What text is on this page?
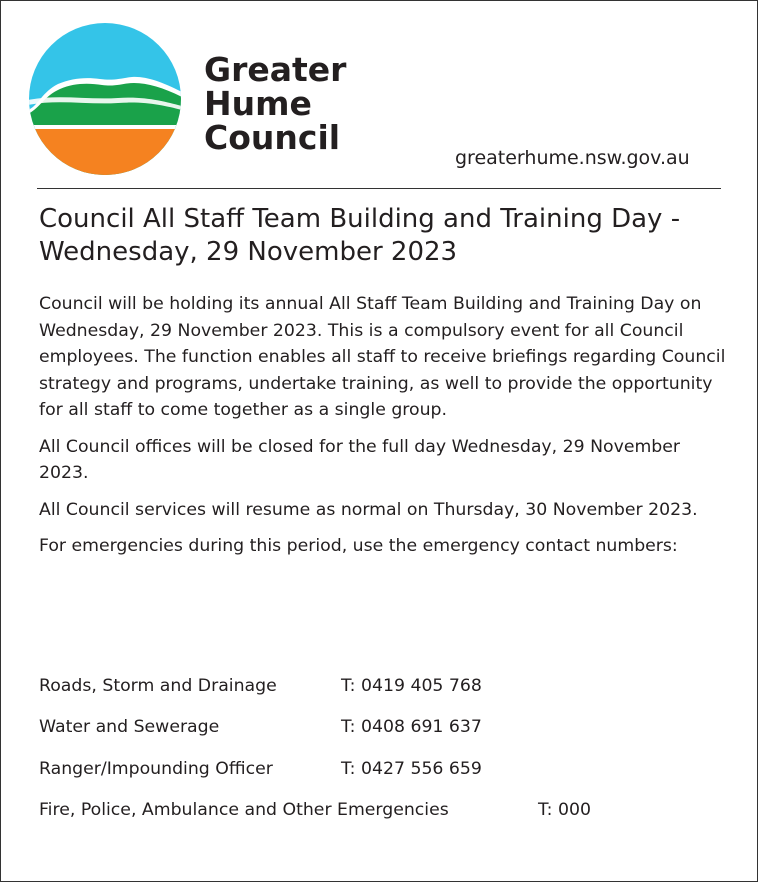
Greater
Hume
Council
greaterhume.nsw.gov.au
Council All Staff Team Building and Training Day - Wednesday, 29 November 2023

Council will be holding its annual All Staff Team Building and Training Day on Wednesday, 29 November 2023. This is a compulsory event for all Council employees. The function enables all staff to receive briefings regarding Council strategy and programs, undertake training, as well to provide the opportunity for all staff to come together as a single group.

All Council offices will be closed for the full day Wednesday, 29 November 2023.

All Council services will resume as normal on Thursday, 30 November 2023.

For emergencies during this period, use the emergency contact numbers:

Roads, Storm and Drainage	T: 0419 405 768
Water and Sewerage	T: 0408 691 637
Ranger/Impounding Officer	T: 0427 556 659
Fire, Police, Ambulance and Other Emergencies	T: 000
